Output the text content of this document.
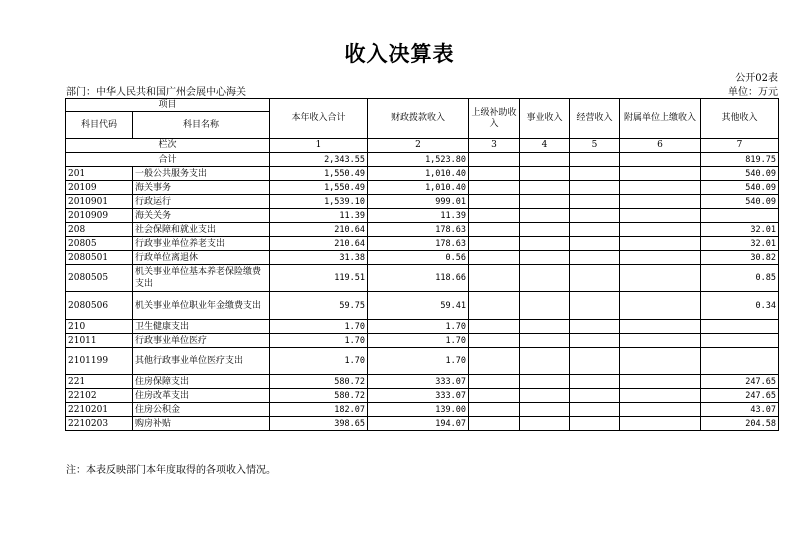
收入决算表
公开02表
部门：中华人民共和国广州会展中心海关	单位：万元
项目		本年收入合计	财政拨款收入	上级补助收入	事业收入	经营收入	附属单位上缴收入	其他收入
科目代码	科目名称							
栏次		1	2	3	4	5	6	7
合计		2,343.55	1,523.80					819.75
201	一般公共服务支出	1,550.49	1,010.40					540.09
20109	海关事务	1,550.49	1,010.40					540.09
2010901	行政运行	1,539.10	999.01					540.09
2010909	海关关务	11.39	11.39					
208	社会保障和就业支出	210.64	178.63					32.01
20805	行政事业单位养老支出	210.64	178.63					32.01
2080501	行政单位离退休	31.38	0.56					30.82
2080505	机关事业单位基本养老保险缴费支出	119.51	118.66					0.85
2080506	机关事业单位职业年金缴费支出	59.75	59.41					0.34
210	卫生健康支出	1.70	1.70					
21011	行政事业单位医疗	1.70	1.70					
2101199	其他行政事业单位医疗支出	1.70	1.70					
221	住房保障支出	580.72	333.07					247.65
22102	住房改革支出	580.72	333.07					247.65
2210201	住房公积金	182.07	139.00					43.07
2210203	购房补贴	398.65	194.07					204.58
注：本表反映部门本年度取得的各项收入情况。
